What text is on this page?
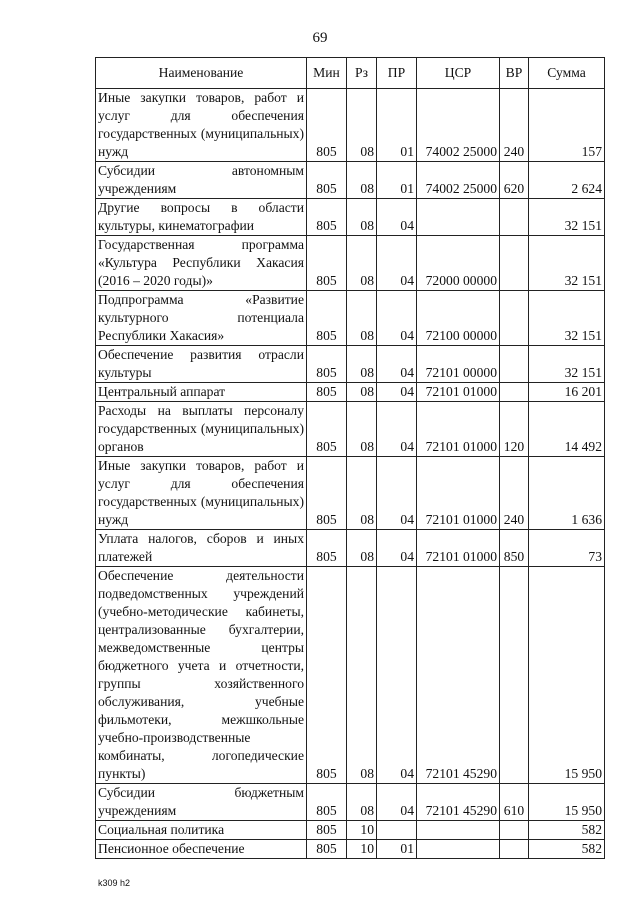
69
Наименование	Мин	Рз	ПР	ЦСР	ВР	Сумма
Иные закупки товаров, работ и услуг для обеспечения государственных (муниципальных) нужд	805	08	01	74002 25000	240	157
Субсидии автономным учреждениям	805	08	01	74002 25000	620	2 624
Другие вопросы в области культуры, кинематографии	805	08	04			32 151
Государственная программа «Культура Республики Хакасия (2016 – 2020 годы)»	805	08	04	72000 00000		32 151
Подпрограмма «Развитие культурного потенциала Республики Хакасия»	805	08	04	72100 00000		32 151
Обеспечение развития отрасли культуры	805	08	04	72101 00000		32 151
Центральный аппарат	805	08	04	72101 01000		16 201
Расходы на выплаты персоналу государственных (муниципальных) органов	805	08	04	72101 01000	120	14 492
Иные закупки товаров, работ и услуг для обеспечения государственных (муниципальных) нужд	805	08	04	72101 01000	240	1 636
Уплата налогов, сборов и иных платежей	805	08	04	72101 01000	850	73
Обеспечение деятельности подведомственных учреждений (учебно-методические кабинеты, централизованные бухгалтерии, межведомственные центры бюджетного учета и отчетности, группы хозяйственного обслуживания, учебные фильмотеки, межшкольные учебно-производственные комбинаты, логопедические пункты)	805	08	04	72101 45290		15 950
Субсидии бюджетным учреждениям	805	08	04	72101 45290	610	15 950
Социальная политика	805	10				582
Пенсионное обеспечение	805	10	01			582
k309 h2
